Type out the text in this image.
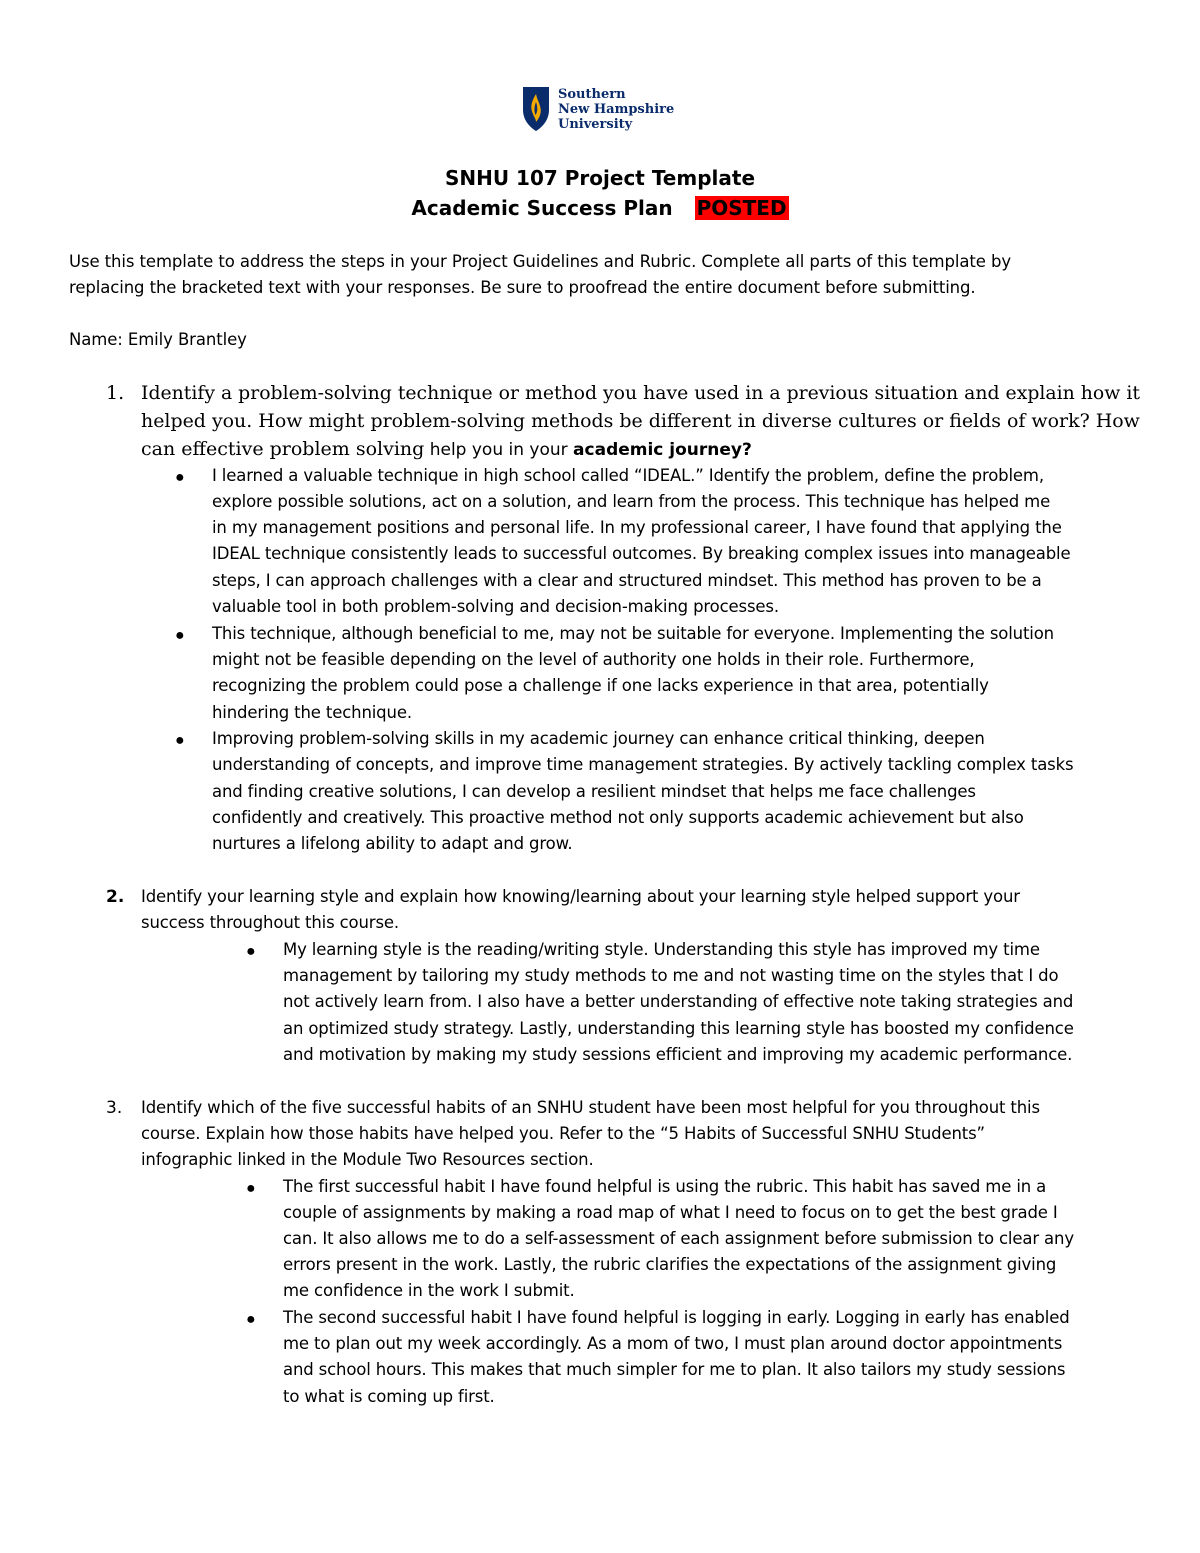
Southern
New Hampshire
University
SNHU 107 Project Template
Academic Success Plan POSTED
Use this template to address the steps in your Project Guidelines and Rubric. Complete all parts of this template by
replacing the bracketed text with your responses. Be sure to proofread the entire document before submitting.
Name: Emily Brantley
1. Identify a problem-solving technique or method you have used in a previous situation and explain how it
helped you. How might problem-solving methods be different in diverse cultures or fields of work? How
can effective problem solving help you in your academic journey?
● I learned a valuable technique in high school called “IDEAL.” Identify the problem, define the problem,
explore possible solutions, act on a solution, and learn from the process. This technique has helped me
in my management positions and personal life. In my professional career, I have found that applying the
IDEAL technique consistently leads to successful outcomes. By breaking complex issues into manageable
steps, I can approach challenges with a clear and structured mindset. This method has proven to be a
valuable tool in both problem-solving and decision-making processes.
● This technique, although beneficial to me, may not be suitable for everyone. Implementing the solution
might not be feasible depending on the level of authority one holds in their role. Furthermore,
recognizing the problem could pose a challenge if one lacks experience in that area, potentially
hindering the technique.
● Improving problem-solving skills in my academic journey can enhance critical thinking, deepen
understanding of concepts, and improve time management strategies. By actively tackling complex tasks
and finding creative solutions, I can develop a resilient mindset that helps me face challenges
confidently and creatively. This proactive method not only supports academic achievement but also
nurtures a lifelong ability to adapt and grow.
2. Identify your learning style and explain how knowing/learning about your learning style helped support your
success throughout this course.
● My learning style is the reading/writing style. Understanding this style has improved my time
management by tailoring my study methods to me and not wasting time on the styles that I do
not actively learn from. I also have a better understanding of effective note taking strategies and
an optimized study strategy. Lastly, understanding this learning style has boosted my confidence
and motivation by making my study sessions efficient and improving my academic performance.
3. Identify which of the five successful habits of an SNHU student have been most helpful for you throughout this
course. Explain how those habits have helped you. Refer to the “5 Habits of Successful SNHU Students”
infographic linked in the Module Two Resources section.
● The first successful habit I have found helpful is using the rubric. This habit has saved me in a
couple of assignments by making a road map of what I need to focus on to get the best grade I
can. It also allows me to do a self-assessment of each assignment before submission to clear any
errors present in the work. Lastly, the rubric clarifies the expectations of the assignment giving
me confidence in the work I submit.
● The second successful habit I have found helpful is logging in early. Logging in early has enabled
me to plan out my week accordingly. As a mom of two, I must plan around doctor appointments
and school hours. This makes that much simpler for me to plan. It also tailors my study sessions
to what is coming up first.
